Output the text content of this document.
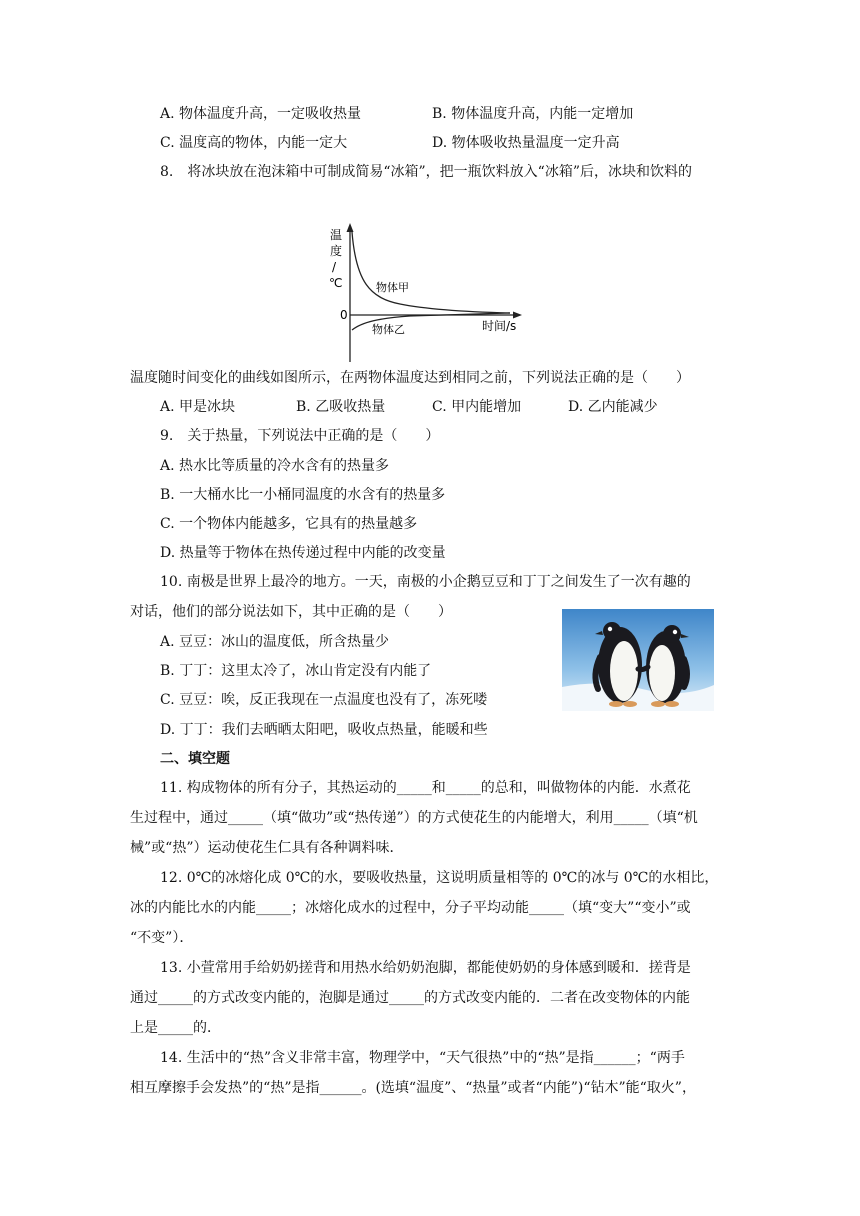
A. 物体温度升高，一定吸收热量	B. 物体温度升高，内能一定增加
C. 温度高的物体，内能一定大	D. 物体吸收热量温度一定升高
8.　将冰块放在泡沫箱中可制成简易“冰箱”，把一瓶饮料放入“冰箱”后，冰块和饮料的
温
度
/
℃
0
时间/s
物体甲
物体乙
温度随时间变化的曲线如图所示，在两物体温度达到相同之前，下列说法正确的是（　　）
A. 甲是冰块	B. 乙吸收热量	C. 甲内能增加	D. 乙内能减少
9.　关于热量，下列说法中正确的是（　　）
A. 热水比等质量的冷水含有的热量多
B. 一大桶水比一小桶同温度的水含有的热量多
C. 一个物体内能越多，它具有的热量越多
D. 热量等于物体在热传递过程中内能的改变量
10. 南极是世界上最冷的地方。一天，南极的小企鹅豆豆和丁丁之间发生了一次有趣的
对话，他们的部分说法如下，其中正确的是（　　）
A. 豆豆：冰山的温度低，所含热量少
B. 丁丁：这里太冷了，冰山肯定没有内能了
C. 豆豆：唉，反正我现在一点温度也没有了，冻死喽
D. 丁丁：我们去晒晒太阳吧，吸收点热量，能暖和些
二、填空题
11. 构成物体的所有分子，其热运动的_____和_____的总和，叫做物体的内能．水煮花
生过程中，通过_____（填“做功”或“热传递”）的方式使花生的内能增大，利用_____（填“机
械”或“热”）运动使花生仁具有各种调料味．
12. 0℃的冰熔化成 0℃的水，要吸收热量，这说明质量相等的 0℃的冰与 0℃的水相比，
冰的内能比水的内能_____；冰熔化成水的过程中，分子平均动能_____（填“变大”“变小”或
“不变”）．
13. 小萱常用手给奶奶搓背和用热水给奶奶泡脚，都能使奶奶的身体感到暖和．搓背是
通过_____的方式改变内能的，泡脚是通过_____的方式改变内能的．二者在改变物体的内能
上是_____的．
14. 生活中的“热”含义非常丰富，物理学中，“天气很热”中的“热”是指______；“两手
相互摩擦手会发热”的“热”是指______。(选填“温度”、“热量”或者“内能”)“钻木”能“取火”，
